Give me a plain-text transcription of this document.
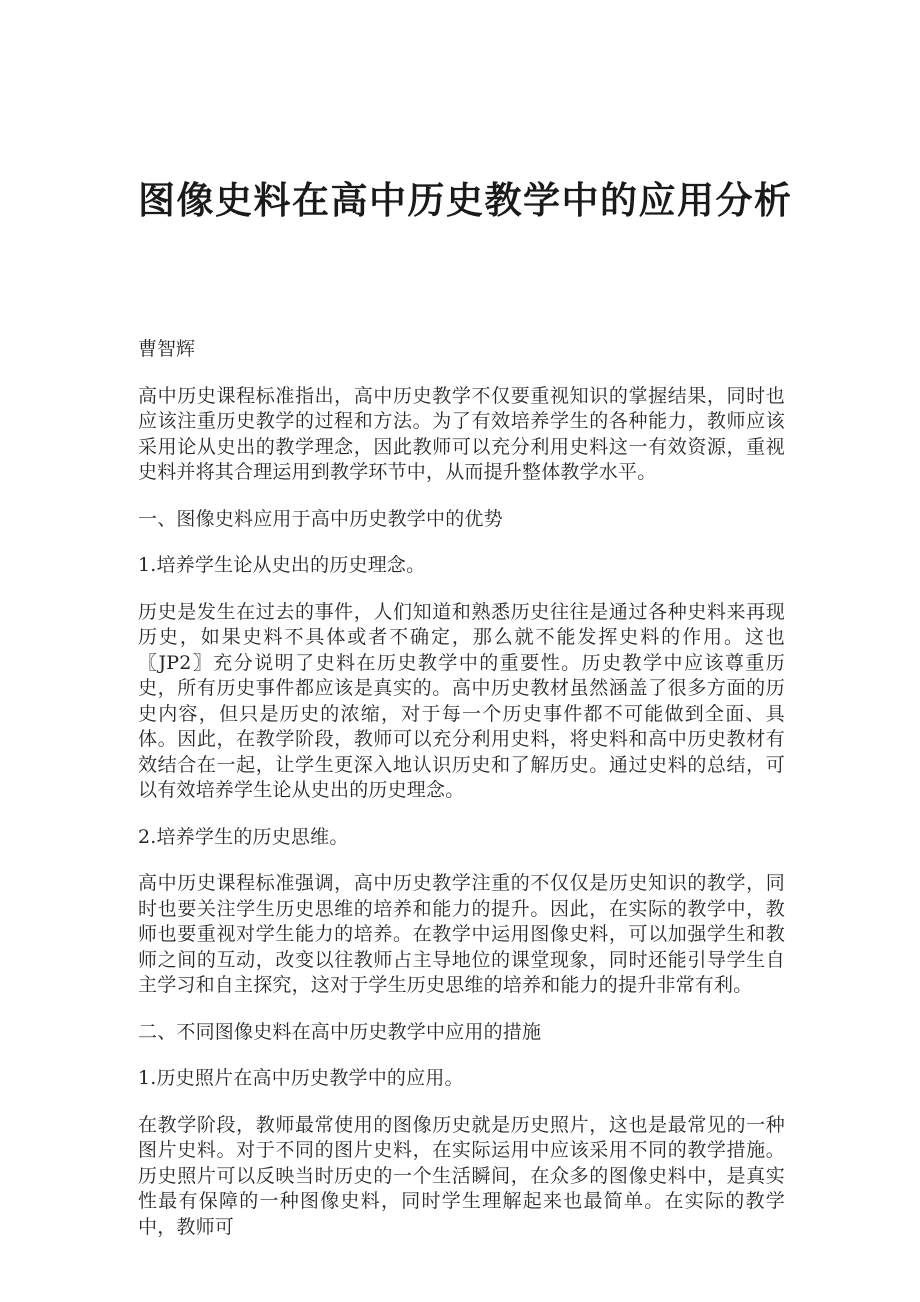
图像史料在高中历史教学中的应用分析

曹智辉

高中历史课程标准指出，高中历史教学不仅要重视知识的掌握结果，同时也应该注重历史教学的过程和方法。为了有效培养学生的各种能力，教师应该采用论从史出的教学理念，因此教师可以充分利用史料这一有效资源，重视史料并将其合理运用到教学环节中，从而提升整体教学水平。

一、图像史料应用于高中历史教学中的优势
1.培养学生论从史出的历史理念。

历史是发生在过去的事件，人们知道和熟悉历史往往是通过各种史料来再现历史，如果史料不具体或者不确定，那么就不能发挥史料的作用。这也〖JP2〗充分说明了史料在历史教学中的重要性。历史教学中应该尊重历史，所有历史事件都应该是真实的。高中历史教材虽然涵盖了很多方面的历史内容，但只是历史的浓缩，对于每一个历史事件都不可能做到全面、具体。因此，在教学阶段，教师可以充分利用史料，将史料和高中历史教材有效结合在一起，让学生更深入地认识历史和了解历史。通过史料的总结，可以有效培养学生论从史出的历史理念。

2.培养学生的历史思维。

高中历史课程标准强调，高中历史教学注重的不仅仅是历史知识的教学，同时也要关注学生历史思维的培养和能力的提升。因此，在实际的教学中，教师也要重视对学生能力的培养。在教学中运用图像史料，可以加强学生和教师之间的互动，改变以往教师占主导地位的课堂现象，同时还能引导学生自主学习和自主探究，这对于学生历史思维的培养和能力的提升非常有利。

二、不同图像史料在高中历史教学中应用的措施
1.历史照片在高中历史教学中的应用。

在教学阶段，教师最常使用的图像历史就是历史照片，这也是最常见的一种图片史料。对于不同的图片史料，在实际运用中应该采用不同的教学措施。历史照片可以反映当时历史的一个生活瞬间，在众多的图像史料中，是真实性最有保障的一种图像史料，同时学生理解起来也最简单。在实际的教学中，教师可
